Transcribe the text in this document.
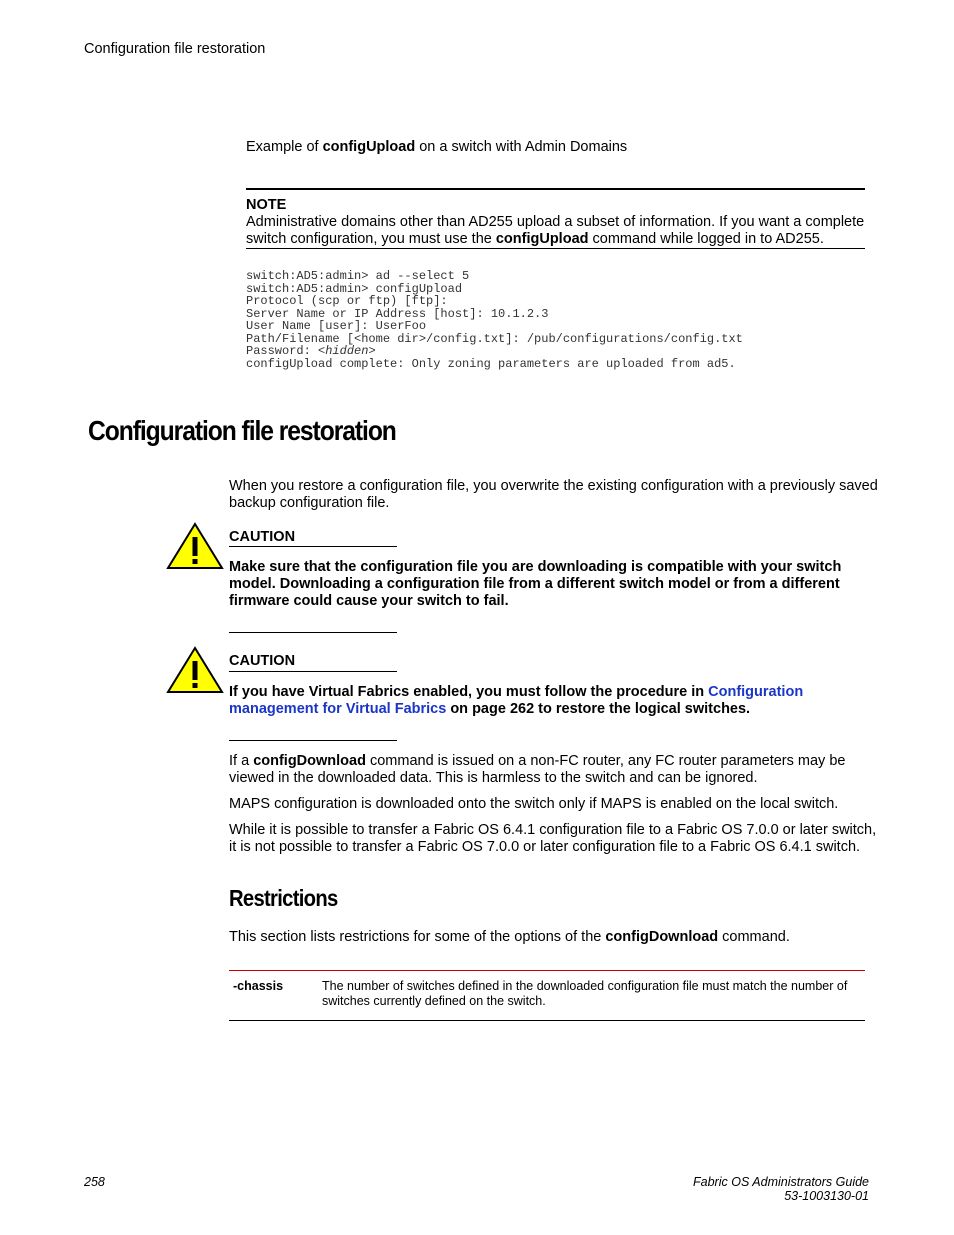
Configuration file restoration
Example of configUpload on a switch with Admin Domains
NOTE
Administrative domains other than AD255 upload a subset of information. If you want a complete
switch configuration, you must use the configUpload command while logged in to AD255.
switch:AD5:admin> ad --select 5
switch:AD5:admin> configUpload
Protocol (scp or ftp) [ftp]:
Server Name or IP Address [host]: 10.1.2.3
User Name [user]: UserFoo
Path/Filename [<home dir>/config.txt]: /pub/configurations/config.txt
Password: <hidden>
configUpload complete: Only zoning parameters are uploaded from ad5.
Configuration file restoration
When you restore a configuration file, you overwrite the existing configuration with a previously saved
backup configuration file.
CAUTION
Make sure that the configuration file you are downloading is compatible with your switch
model. Downloading a configuration file from a different switch model or from a different
firmware could cause your switch to fail.
CAUTION
If you have Virtual Fabrics enabled, you must follow the procedure in Configuration
management for Virtual Fabrics on page 262 to restore the logical switches.
If a configDownload command is issued on a non-FC router, any FC router parameters may be
viewed in the downloaded data. This is harmless to the switch and can be ignored.
MAPS configuration is downloaded onto the switch only if MAPS is enabled on the local switch.
While it is possible to transfer a Fabric OS 6.4.1 configuration file to a Fabric OS 7.0.0 or later switch,
it is not possible to transfer a Fabric OS 7.0.0 or later configuration file to a Fabric OS 6.4.1 switch.
Restrictions
This section lists restrictions for some of the options of the configDownload command.
-chassis	The number of switches defined in the downloaded configuration file must match the number of
switches currently defined on the switch.
258	Fabric OS Administrators Guide
53-1003130-01
